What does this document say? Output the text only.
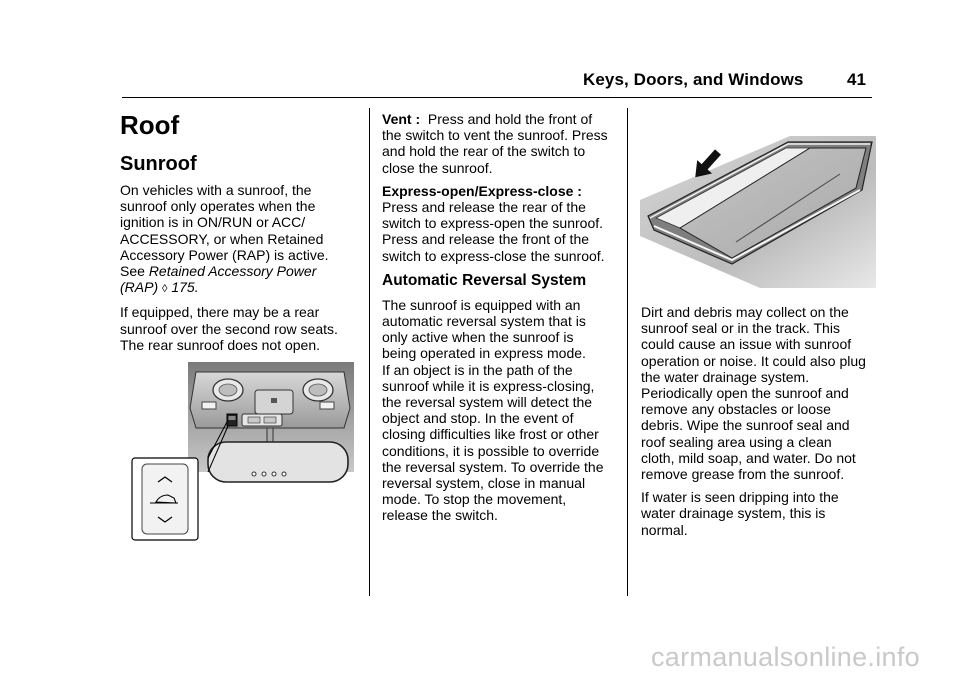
Keys, Doors, and Windows	41
Roof
Sunroof

On vehicles with a sunroof, the
sunroof only operates when the
ignition is in ON/RUN or ACC/
ACCESSORY, or when Retained
Accessory Power (RAP) is active.
See Retained Accessory Power
(RAP) ◊ 175.

If equipped, there may be a rear
sunroof over the second row seats.
The rear sunroof does not open.

Vent : Press and hold the front of
the switch to vent the sunroof. Press
and hold the rear of the switch to
close the sunroof.

Express-open/Express-close :
Press and release the rear of the
switch to express-open the sunroof.
Press and release the front of the
switch to express-close the sunroof.

Automatic Reversal System

The sunroof is equipped with an
automatic reversal system that is
only active when the sunroof is
being operated in express mode.
If an object is in the path of the
sunroof while it is express-closing,
the reversal system will detect the
object and stop. In the event of
closing difficulties like frost or other
conditions, it is possible to override
the reversal system. To override the
reversal system, close in manual
mode. To stop the movement,
release the switch.

Dirt and debris may collect on the
sunroof seal or in the track. This
could cause an issue with sunroof
operation or noise. It could also plug
the water drainage system.
Periodically open the sunroof and
remove any obstacles or loose
debris. Wipe the sunroof seal and
roof sealing area using a clean
cloth, mild soap, and water. Do not
remove grease from the sunroof.

If water is seen dripping into the
water drainage system, this is
normal.

carmanualsonline.info
